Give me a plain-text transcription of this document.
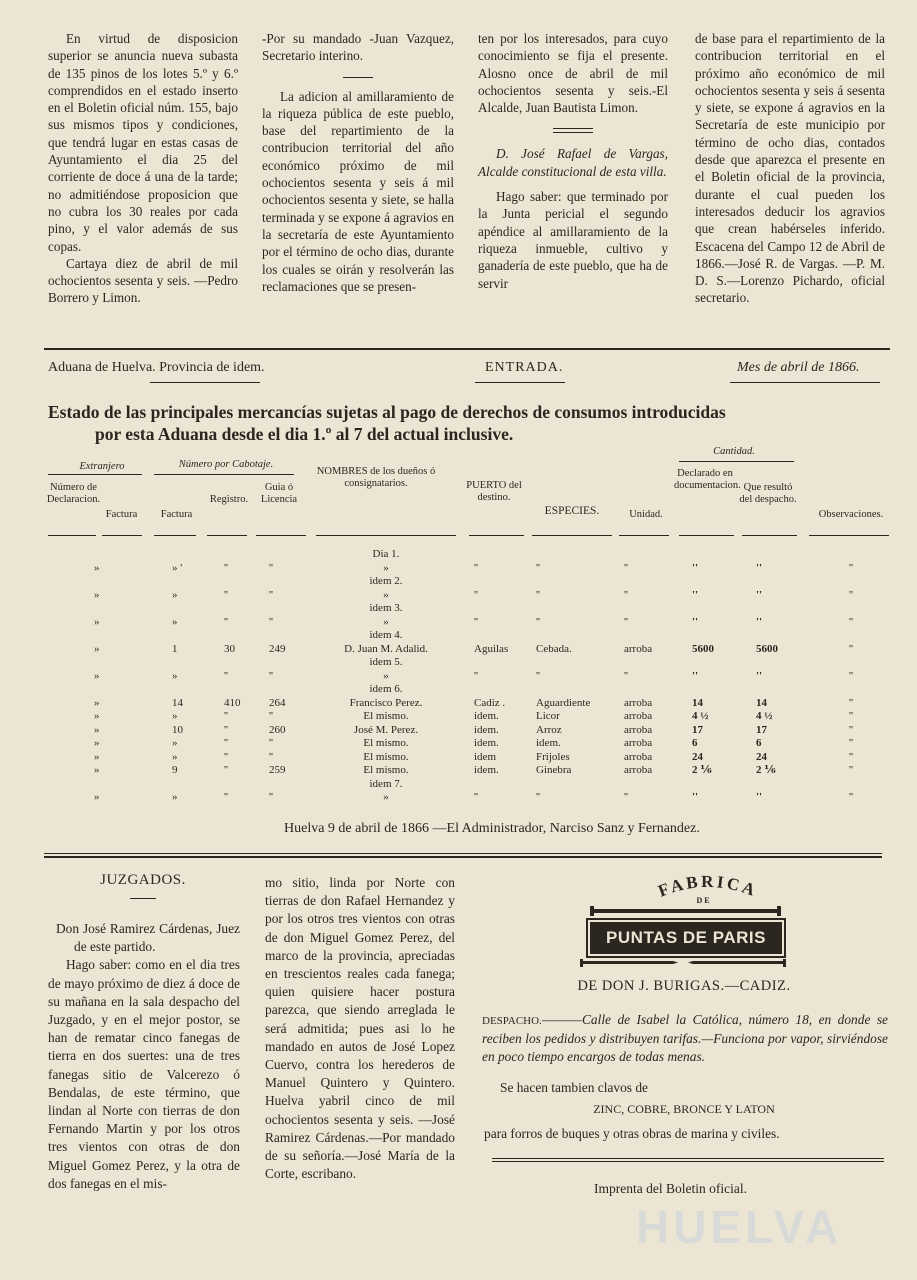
En virtud de disposicion superior se anuncia nueva subasta de 135 pinos de los lotes 5.º y 6.º comprendidos en el estado inserto en el Boletin oficial núm. 155, bajo sus mismos tipos y condiciones, que tendrá lugar en estas casas de Ayuntamiento el dia 25 del corriente de doce á una de la tarde; no admitiéndose proposicion que no cubra los 30 reales por cada pino, y el valor además de sus copas.

Cartaya diez de abril de mil ochocientos sesenta y seis. —Pedro Borrero y Limon.

-Por su mandado -Juan Vazquez, Secretario interino.

La adicion al amillaramiento de la riqueza pública de este pueblo, base del repartimiento de la contribucion territorial del año económico próximo de mil ochocientos sesenta y seis á mil ochocientos sesenta y siete, se halla terminada y se expone á agravios en la secretaría de este Ayuntamiento por el término de ocho dias, durante los cuales se oirán y resolverán las reclamaciones que se presen-

ten por los interesados, para cuyo conocimiento se fija el presente. Alosno once de abril de mil ochocientos sesenta y seis.-El Alcalde, Juan Bautista Limon.

D. José Rafael de Vargas, Alcalde constitucional de esta villa.

Hago saber: que terminado por la Junta pericial el segundo apéndice al amillaramiento de la riqueza inmueble, cultivo y ganadería de este pueblo, que ha de servir

de base para el repartimiento de la contribucion territorial en el próximo año económico de mil ochocientos sesenta y seis á sesenta y siete, se expone á agravios en la Secretaría de este municipio por término de ocho dias, contados desde que aparezca el presente en el Boletin oficial de la provincia, durante el cual pueden los interesados deducir los agravios que crean habérseles inferido. Escacena del Campo 12 de Abril de 1866.—José R. de Vargas. —P. M. D. S.—Lorenzo Pichardo, oficial secretario.

Aduana de Huelva. Provincia de idem.	ENTRADA.	Mes de abril de 1866.
Estado de las principales mercancías sujetas al pago de derechos de consumos introducidas
por esta Aduana desde el dia 1.º al 7 del actual inclusive.
Cantidad.
Extranjero	Número por Cabotaje.
Número de Declaracion.
Factura	Factura
Registro.
Guia ó Licencia
NOMBRES de los dueños ó consignatarios.	PUERTO del destino.
ESPECIES.	Unidad.
Declarado en documentacion. Que resultó del despacho.
Observaciones.
Dia 1.
»	» '	''	''	»	''	''	''	''	''	''
idem 2.
»	»	''	''	»	''	''	''	''	''	''
idem 3.
»	»	''	''	»	''	''	''	''	''	''
idem 4.
»	1	30	249	D. Juan M. Adalid.	Aguilas	Cebada.	arroba	5600	5600	''
idem 5.
»	»	''	''	»	''	''	''	''	''	''
idem 6.
»	14	410	264	Francisco Perez.	Cadiz .	Aguardiente	arroba	14	14	''
»	»	''	''	El mismo.	idem.	Licor	arroba	4 ½	4 ½	''
»	10	''	260	José M. Perez.	idem.	Arroz	arroba	17	17	''
»	»	''	''	El mismo.	idem.	idem.	arroba	6	6	''
»	»	''	''	El mismo.	idem	Frijoles	arroba	24	24	''
»	9	''	259	El mismo.	idem.	Ginebra	arroba	2 ⅙	2 ⅙	''
idem 7.
»	»	''	''	»	''	''	''	''	''	''
Huelva 9 de abril de 1866 —El Administrador, Narciso Sanz y Fernandez.
JUZGADOS.

Don José Ramirez Cárdenas, Juez de este partido.

Hago saber: como en el dia tres de mayo próximo de diez á doce de su mañana en la sala despacho del Juzgado, y en el mejor postor, se han de rematar cinco fanegas de tierra en dos suertes: una de tres fanegas sitio de Valcerezo ó Bendalas, de este término, que lindan al Norte con tierras de don Fernando Martin y por los otros tres vientos con otras de don Miguel Gomez Perez, y la otra de dos fanegas en el mis-

mo sitio, linda por Norte con tierras de don Rafael Hernandez y por los otros tres vientos con otras de don Miguel Gomez Perez, del marco de la provincia, apreciadas en trescientos reales cada fanega; quien quisiere hacer postura parezca, que siendo arreglada le será admitida; pues asi lo he mandado en autos de José Lopez Cuervo, contra los herederos de Manuel Quintero y Quintero. Huelva yabril cinco de mil ochocientos sesenta y seis. —José Ramirez Cárdenas.—Por mandado de su señoría.—José María de la Corte, escribano.

FABRICA
DE
PUNTAS DE PARIS
DE DON J. BURIGAS.—CADIZ.
DESPACHO.———Calle de Isabel la Católica, número 18, en donde se reciben los pedidos y distribuyen tarifas.—Funciona por vapor, sirviéndose en poco tiempo encargos de todas menas.
Se hacen tambien clavos de
ZINC, COBRE, BRONCE Y LATON
para forros de buques y otras obras de marina y civiles.
Imprenta del Boletin oficial.
HUELVA
